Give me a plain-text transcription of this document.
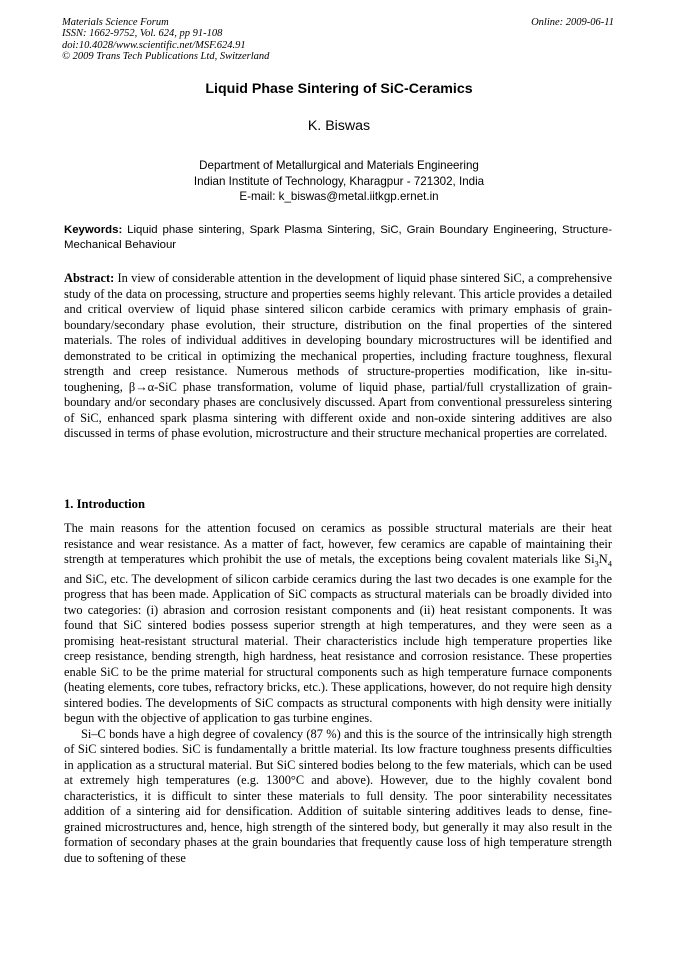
Materials Science Forum
ISSN: 1662-9752, Vol. 624, pp 91-108
doi:10.4028/www.scientific.net/MSF.624.91
© 2009 Trans Tech Publications Ltd, Switzerland
Online: 2009-06-11
Liquid Phase Sintering of SiC-Ceramics
K. Biswas
Department of Metallurgical and Materials Engineering
Indian Institute of Technology, Kharagpur - 721302, India
E-mail: k_biswas@metal.iitkgp.ernet.in
Keywords: Liquid phase sintering, Spark Plasma Sintering, SiC, Grain Boundary Engineering, Structure-Mechanical Behaviour
Abstract: In view of considerable attention in the development of liquid phase sintered SiC, a comprehensive study of the data on processing, structure and properties seems highly relevant. This article provides a detailed and critical overview of liquid phase sintered silicon carbide ceramics with primary emphasis of grain-boundary/secondary phase evolution, their structure, distribution on the final properties of the sintered materials. The roles of individual additives in developing boundary microstructures will be identified and demonstrated to be critical in optimizing the mechanical properties, including fracture toughness, flexural strength and creep resistance. Numerous methods of structure-properties modification, like in-situ-toughening, β→α-SiC phase transformation, volume of liquid phase, partial/full crystallization of grain-boundary and/or secondary phases are conclusively discussed. Apart from conventional pressureless sintering of SiC, enhanced spark plasma sintering with different oxide and non-oxide sintering additives are also discussed in terms of phase evolution, microstructure and their structure mechanical properties are correlated.
1. Introduction

The main reasons for the attention focused on ceramics as possible structural materials are their heat resistance and wear resistance. As a matter of fact, however, few ceramics are capable of maintaining their strength at temperatures which prohibit the use of metals, the exceptions being covalent materials like $Si_3N_4$ and SiC, etc. The development of silicon carbide ceramics during the last two decades is one example for the progress that has been made. Application of SiC compacts as structural materials can be broadly divided into two categories: (i) abrasion and corrosion resistant components and (ii) heat resistant components. It was found that SiC sintered bodies possess superior strength at high temperatures, and they were seen as a promising heat-resistant structural material. Their characteristics include high temperature properties like creep resistance, bending strength, high hardness, heat resistance and corrosion resistance. These properties enable SiC to be the prime material for structural components such as high temperature furnace components (heating elements, core tubes, refractory bricks, etc.). These applications, however, do not require high density sintered bodies. The developments of SiC compacts as structural components with high density were initially begun with the objective of application to gas turbine engines.

Si–C bonds have a high degree of covalency (87 %) and this is the source of the intrinsically high strength of SiC sintered bodies. SiC is fundamentally a brittle material. Its low fracture toughness presents difficulties in application as a structural material. But SiC sintered bodies belong to the few materials, which can be used at extremely high temperatures (e.g. 1300°C and above). However, due to the highly covalent bond characteristics, it is difficult to sinter these materials to full density. The poor sinterability necessitates addition of a sintering aid for densification. Addition of suitable sintering additives leads to dense, fine-grained microstructures and, hence, high strength of the sintered body, but generally it may also result in the formation of secondary phases at the grain boundaries that frequently cause loss of high temperature strength due to softening of these
